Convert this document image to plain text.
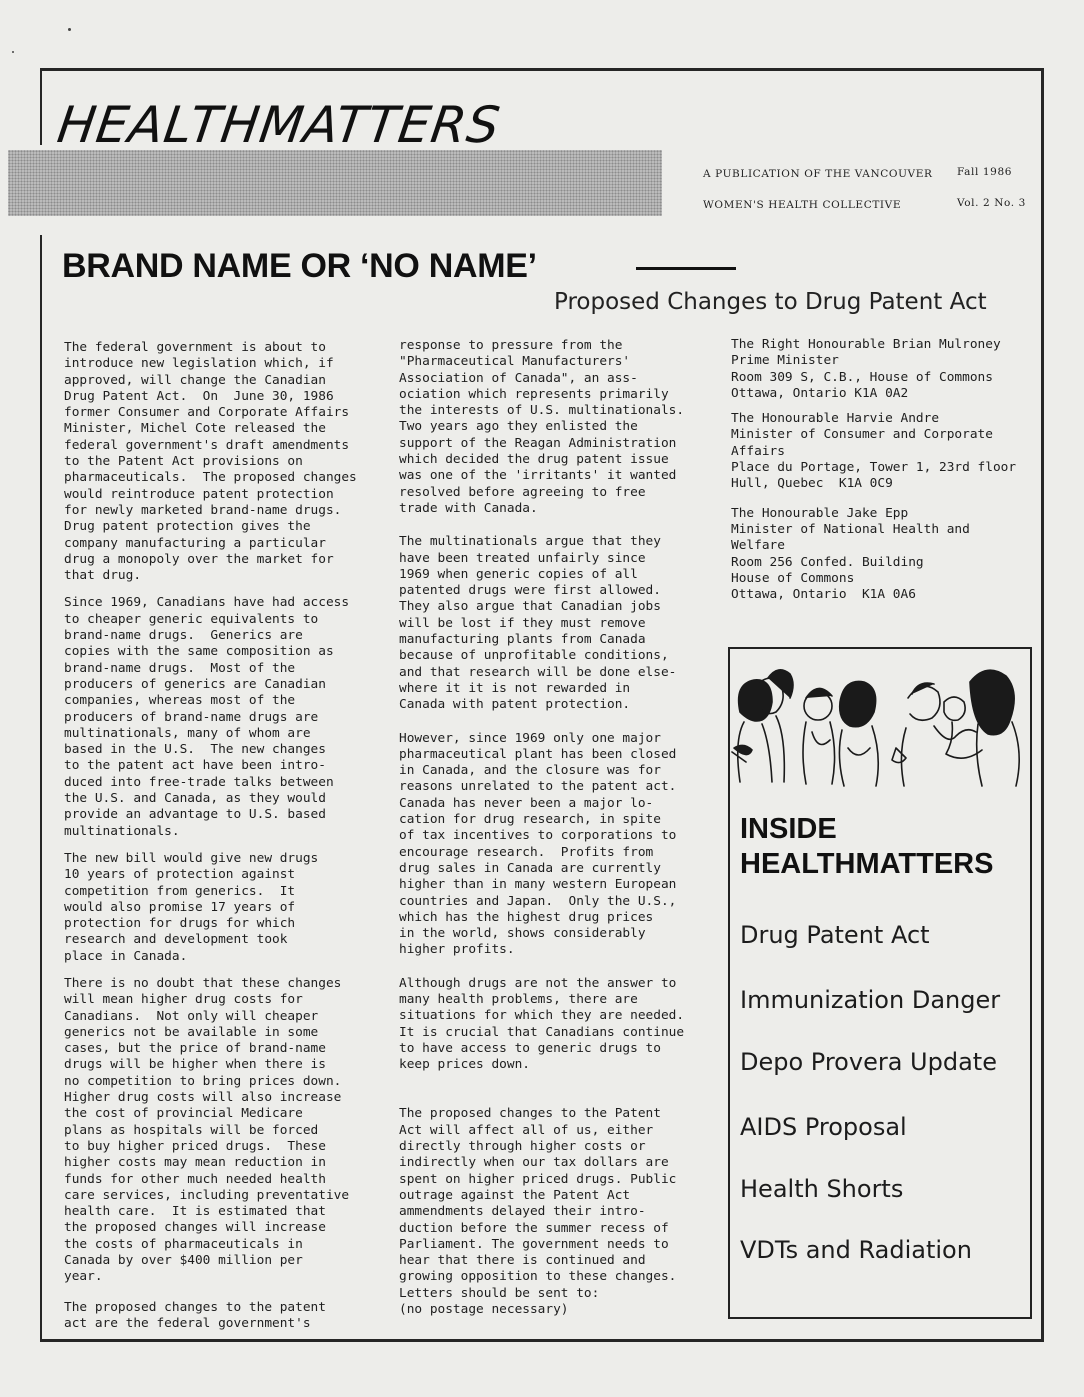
HEALTHMATTERS
A PUBLICATION OF THE VANCOUVER
WOMEN'S HEALTH COLLECTIVE
Fall 1986
Vol. 2 No. 3
BRAND NAME OR ‘NO NAME’
Proposed Changes to Drug Patent Act

The federal government is about to
introduce new legislation which, if
approved, will change the Canadian
Drug Patent Act.  On  June 30, 1986
former Consumer and Corporate Affairs
Minister, Michel Cote released the
federal government's draft amendments
to the Patent Act provisions on
pharmaceuticals.  The proposed changes
would reintroduce patent protection
for newly marketed brand-name drugs.
Drug patent protection gives the
company manufacturing a particular
drug a monopoly over the market for
that drug.

Since 1969, Canadians have had access
to cheaper generic equivalents to
brand-name drugs.  Generics are
copies with the same composition as
brand-name drugs.  Most of the
producers of generics are Canadian
companies, whereas most of the
producers of brand-name drugs are
multinationals, many of whom are
based in the U.S.  The new changes
to the patent act have been intro-
duced into free-trade talks between
the U.S. and Canada, as they would
provide an advantage to U.S. based
multinationals.

The new bill would give new drugs
10 years of protection against
competition from generics.  It
would also promise 17 years of
protection for drugs for which
research and development took
place in Canada.

There is no doubt that these changes
will mean higher drug costs for
Canadians.  Not only will cheaper
generics not be available in some
cases, but the price of brand-name
drugs will be higher when there is
no competition to bring prices down.
Higher drug costs will also increase
the cost of provincial Medicare
plans as hospitals will be forced
to buy higher priced drugs.  These
higher costs may mean reduction in
funds for other much needed health
care services, including preventative
health care.  It is estimated that
the proposed changes will increase
the costs of pharmaceuticals in
Canada by over $400 million per
year.

The proposed changes to the patent
act are the federal government's

response to pressure from the
"Pharmaceutical Manufacturers'
Association of Canada", an ass-
ociation which represents primarily
the interests of U.S. multinationals.
Two years ago they enlisted the
support of the Reagan Administration
which decided the drug patent issue
was one of the 'irritants' it wanted
resolved before agreeing to free
trade with Canada.

The multinationals argue that they
have been treated unfairly since
1969 when generic copies of all
patented drugs were first allowed.
They also argue that Canadian jobs
will be lost if they must remove
manufacturing plants from Canada
because of unprofitable conditions,
and that research will be done else-
where it it is not rewarded in
Canada with patent protection.

However, since 1969 only one major
pharmaceutical plant has been closed
in Canada, and the closure was for
reasons unrelated to the patent act.
Canada has never been a major lo-
cation for drug research, in spite
of tax incentives to corporations to
encourage research.  Profits from
drug sales in Canada are currently
higher than in many western European
countries and Japan.  Only the U.S.,
which has the highest drug prices
in the world, shows considerably
higher profits.

Although drugs are not the answer to
many health problems, there are
situations for which they are needed.
It is crucial that Canadians continue
to have access to generic drugs to
keep prices down.

The proposed changes to the Patent
Act will affect all of us, either
directly through higher costs or
indirectly when our tax dollars are
spent on higher priced drugs. Public
outrage against the Patent Act
ammendments delayed their intro-
duction before the summer recess of
Parliament. The government needs to
hear that there is continued and
growing opposition to these changes.
Letters should be sent to:
(no postage necessary)

The Right Honourable Brian Mulroney
Prime Minister
Room 309 S, C.B., House of Commons
Ottawa, Ontario K1A 0A2
The Honourable Harvie Andre
Minister of Consumer and Corporate
Affairs
Place du Portage, Tower 1, 23rd floor
Hull, Quebec  K1A 0C9
The Honourable Jake Epp
Minister of National Health and
Welfare
Room 256 Confed. Building
House of Commons
Ottawa, Ontario  K1A 0A6
INSIDE
HEALTHMATTERS
Drug Patent Act
Immunization Danger
Depo Provera Update
AIDS Proposal
Health Shorts
VDTs and Radiation
